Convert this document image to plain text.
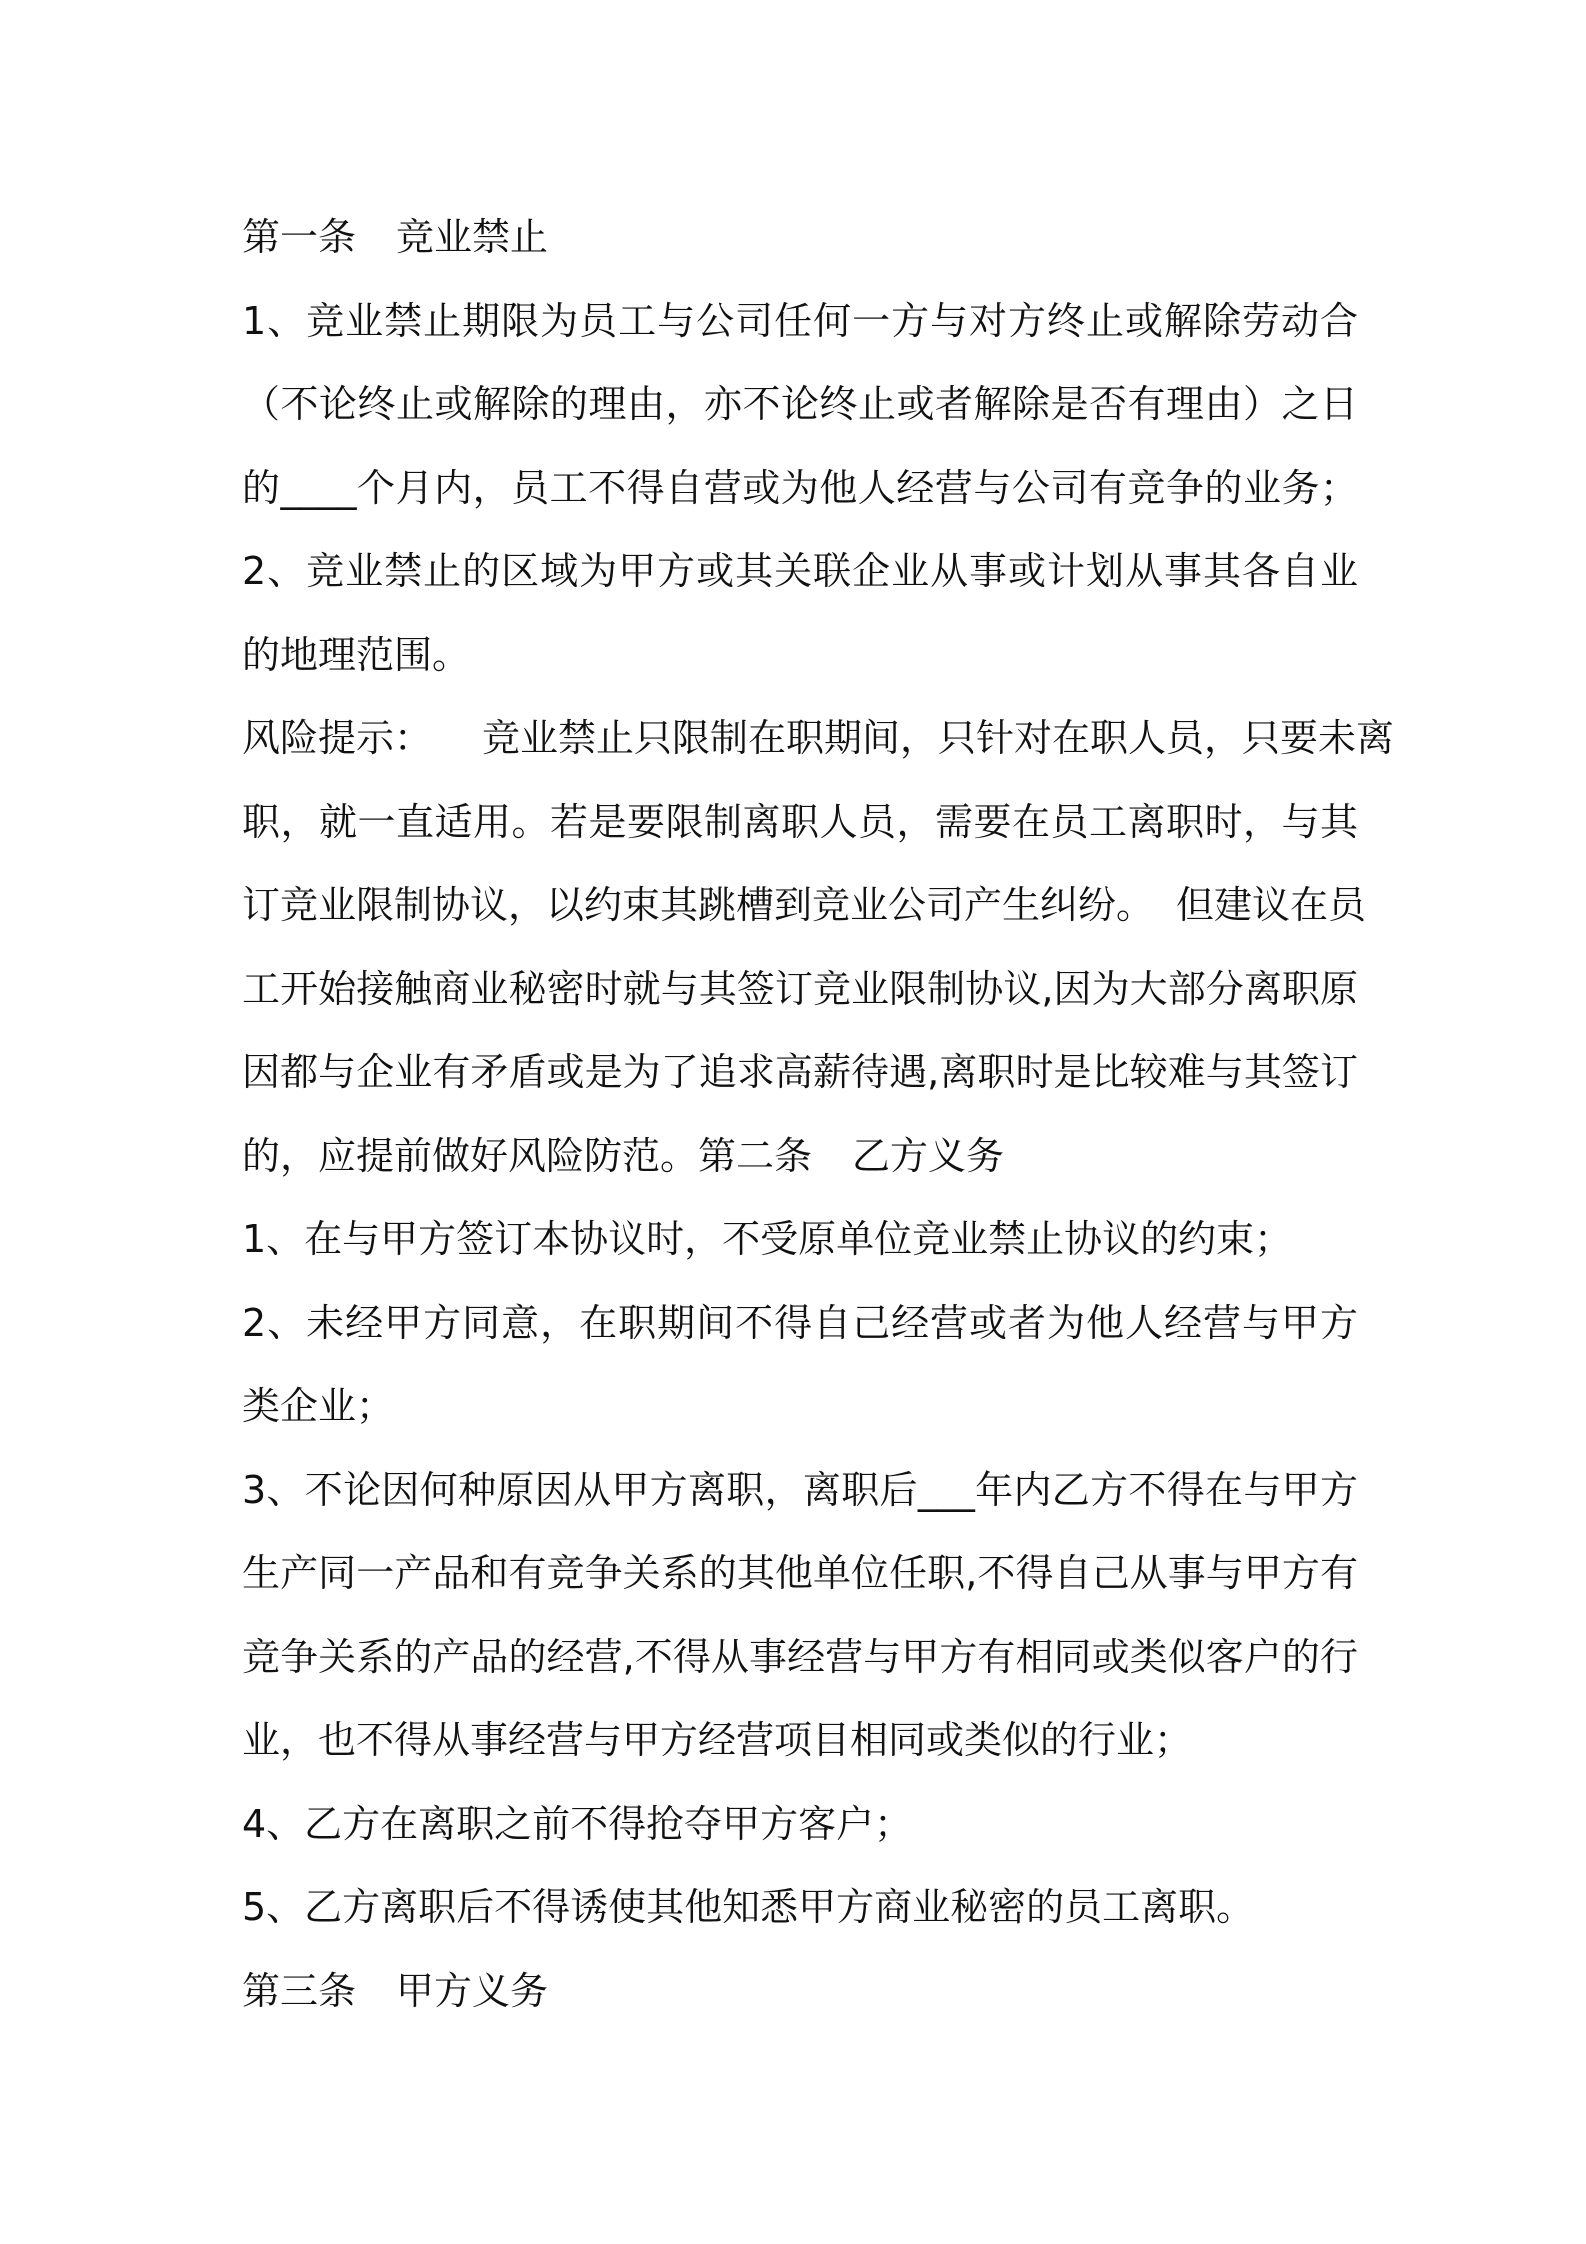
第一条 竞业禁止
1、竞业禁止期限为员工与公司任何一方与对方终止或解除劳动合
（不论终止或解除的理由，亦不论终止或者解除是否有理由）之日
的____个月内，员工不得自营或为他人经营与公司有竞争的业务；
2、竞业禁止的区域为甲方或其关联企业从事或计划从事其各自业
的地理范围。
风险提示： 竞业禁止只限制在职期间，只针对在职人员，只要未离
职，就一直适用。若是要限制离职人员，需要在员工离职时，与其
订竞业限制协议，以约束其跳槽到竞业公司产生纠纷。 但建议在员
工开始接触商业秘密时就与其签订竞业限制协议,因为大部分离职原
因都与企业有矛盾或是为了追求高薪待遇,离职时是比较难与其签订
的，应提前做好风险防范。第二条 乙方义务
1、在与甲方签订本协议时，不受原单位竞业禁止协议的约束；
2、未经甲方同意，在职期间不得自己经营或者为他人经营与甲方
类企业；
3、不论因何种原因从甲方离职，离职后___年内乙方不得在与甲方
生产同一产品和有竞争关系的其他单位任职,不得自己从事与甲方有
竞争关系的产品的经营,不得从事经营与甲方有相同或类似客户的行
业，也不得从事经营与甲方经营项目相同或类似的行业；
4、乙方在离职之前不得抢夺甲方客户；
5、乙方离职后不得诱使其他知悉甲方商业秘密的员工离职。
第三条 甲方义务
